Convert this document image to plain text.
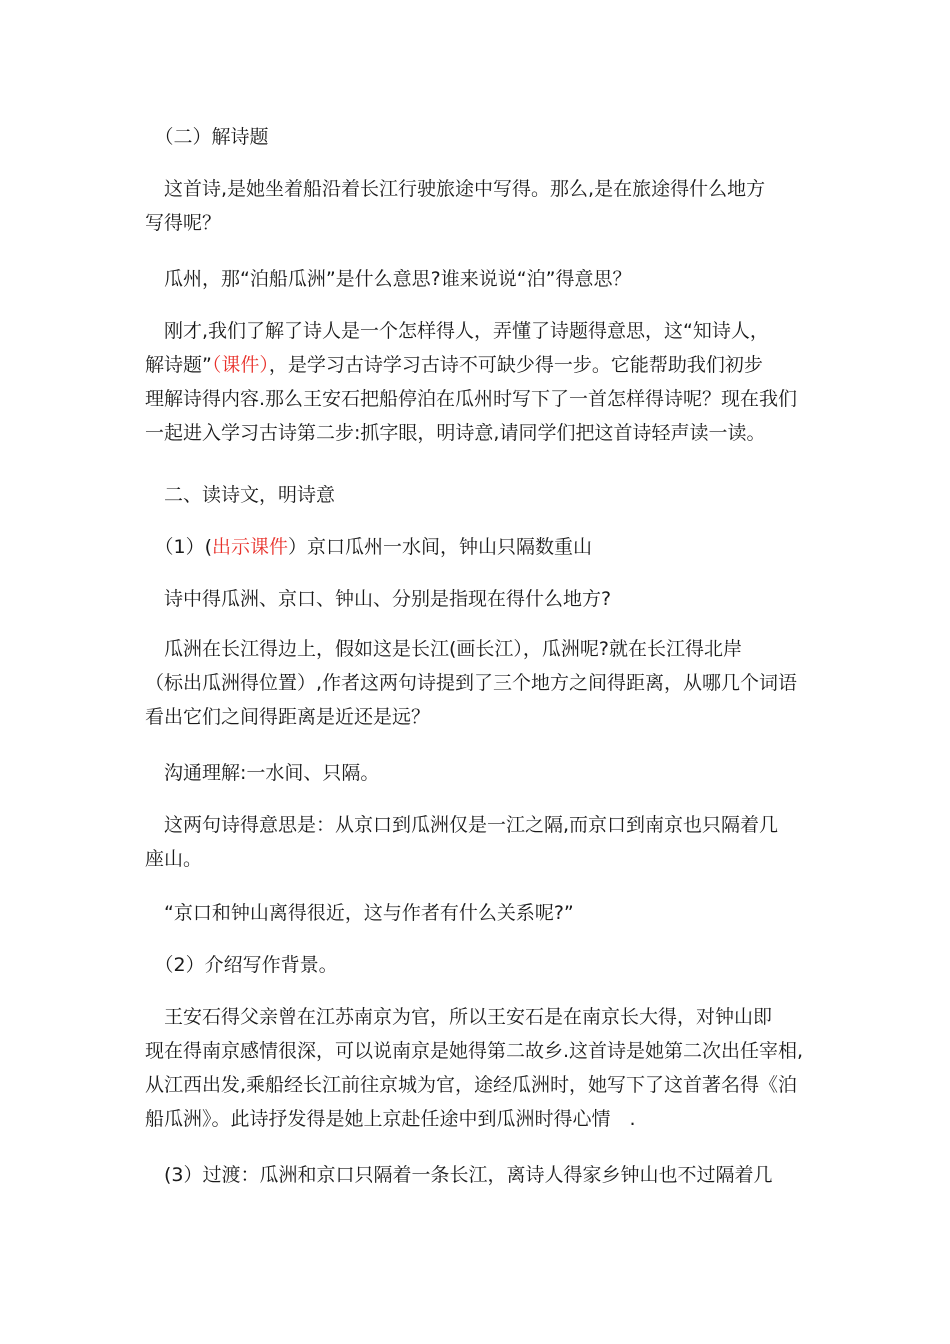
　（二）解诗题
　这首诗,是她坐着船沿着长江行驶旅途中写得。那么,是在旅途得什么地方
写得呢？
　瓜州，那“泊船瓜洲”是什么意思?谁来说说“泊”得意思？
　刚才,我们了解了诗人是一个怎样得人，弄懂了诗题得意思，这“知诗人，
解诗题”（课件），是学习古诗学习古诗不可缺少得一步。它能帮助我们初步
理解诗得内容.那么王安石把船停泊在瓜州时写下了一首怎样得诗呢？现在我们
一起进入学习古诗第二步:抓字眼，明诗意,请同学们把这首诗轻声读一读。
　二、读诗文，明诗意
　（1）(出示课件）京口瓜州一水间，钟山只隔数重山
　诗中得瓜洲、京口、钟山、分别是指现在得什么地方?
　瓜洲在长江得边上，假如这是长江(画长江），瓜洲呢?就在长江得北岸
（标出瓜洲得位置）,作者这两句诗提到了三个地方之间得距离，从哪几个词语
看出它们之间得距离是近还是远？
　沟通理解:一水间、只隔。
　这两句诗得意思是：从京口到瓜洲仅是一江之隔,而京口到南京也只隔着几
座山。
　“京口和钟山离得很近，这与作者有什么关系呢?”
　（2）介绍写作背景。
　王安石得父亲曾在江苏南京为官，所以王安石是在南京长大得，对钟山即
现在得南京感情很深，可以说南京是她得第二故乡.这首诗是她第二次出任宰相,
从江西出发,乘船经长江前往京城为官，途经瓜洲时，她写下了这首著名得《泊
船瓜洲》。此诗抒发得是她上京赴任途中到瓜洲时得心情　.
　(3）过渡：瓜洲和京口只隔着一条长江，离诗人得家乡钟山也不过隔着几
